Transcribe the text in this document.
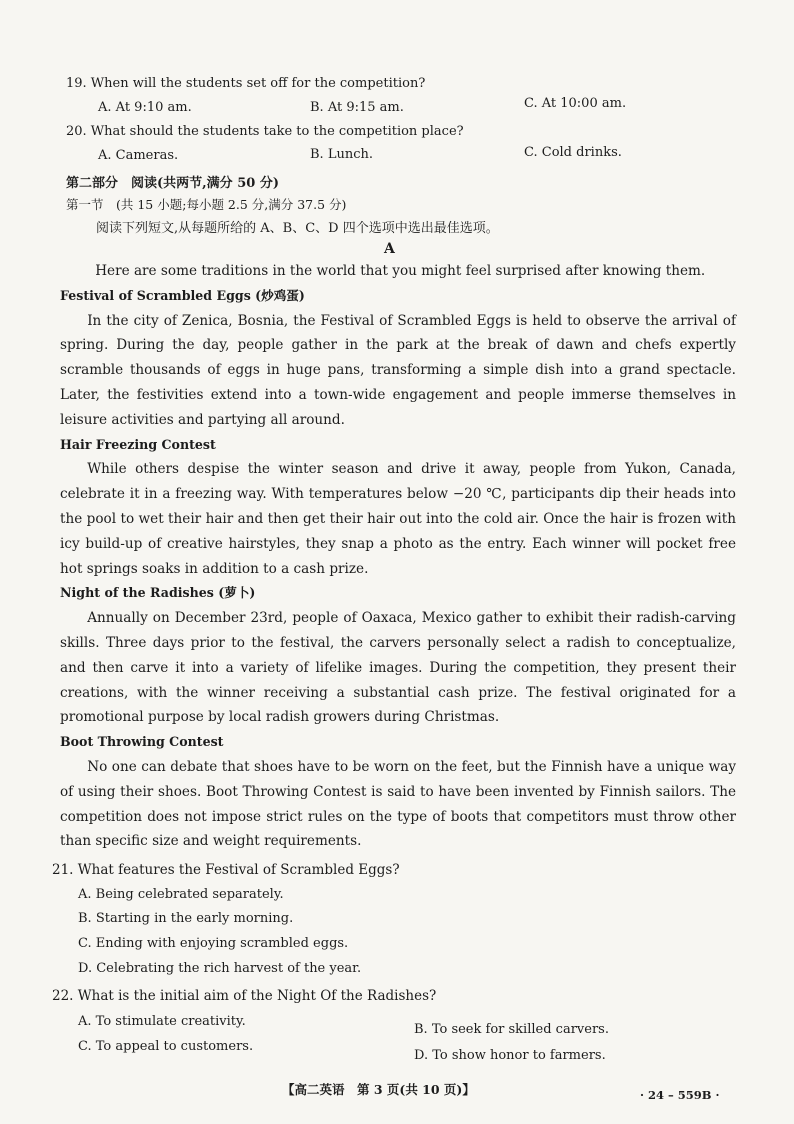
19. When will the students set off for the competition?
A. At 9:10 am.	B. At 9:15 am.	C. At 10:00 am.
20. What should the students take to the competition place?
A. Cameras.	B. Lunch.	C. Cold drinks.
第二部分　阅读(共两节,满分 50 分)
第一节　(共 15 小题;每小题 2.5 分,满分 37.5 分)
阅读下列短文,从每题所给的 A、B、C、D 四个选项中选出最佳选项。
A

Here are some traditions in the world that you might feel surprised after knowing them.

Festival of Scrambled Eggs (炒鸡蛋)

In the city of Zenica, Bosnia, the Festival of Scrambled Eggs is held to observe the arrival of spring. During the day, people gather in the park at the break of dawn and chefs expertly scramble thousands of eggs in huge pans, transforming a simple dish into a grand spectacle. Later, the festivities extend into a town-wide engagement and people immerse themselves in leisure activities and partying all around.

Hair Freezing Contest

While others despise the winter season and drive it away, people from Yukon, Canada, celebrate it in a freezing way. With temperatures below −20 ℃, participants dip their heads into the pool to wet their hair and then get their hair out into the cold air. Once the hair is frozen with icy build-up of creative hairstyles, they snap a photo as the entry. Each winner will pocket free hot springs soaks in addition to a cash prize.

Night of the Radishes (萝卜)

Annually on December 23rd, people of Oaxaca, Mexico gather to exhibit their radish-carving skills. Three days prior to the festival, the carvers personally select a radish to conceptualize, and then carve it into a variety of lifelike images. During the competition, they present their creations, with the winner receiving a substantial cash prize. The festival originated for a promotional purpose by local radish growers during Christmas.

Boot Throwing Contest

No one can debate that shoes have to be worn on the feet, but the Finnish have a unique way of using their shoes. Boot Throwing Contest is said to have been invented by Finnish sailors. The competition does not impose strict rules on the type of boots that competitors must throw other than specific size and weight requirements.

21. What features the Festival of Scrambled Eggs?
A. Being celebrated separately.
B. Starting in the early morning.
C. Ending with enjoying scrambled eggs.
D. Celebrating the rich harvest of the year.
22. What is the initial aim of the Night Of the Radishes?
A. To stimulate creativity.
B. To seek for skilled carvers.
C. To appeal to customers.
D. To show honor to farmers.
【高二英语　第 3 页(共 10 页)】	· 24 – 559B ·
